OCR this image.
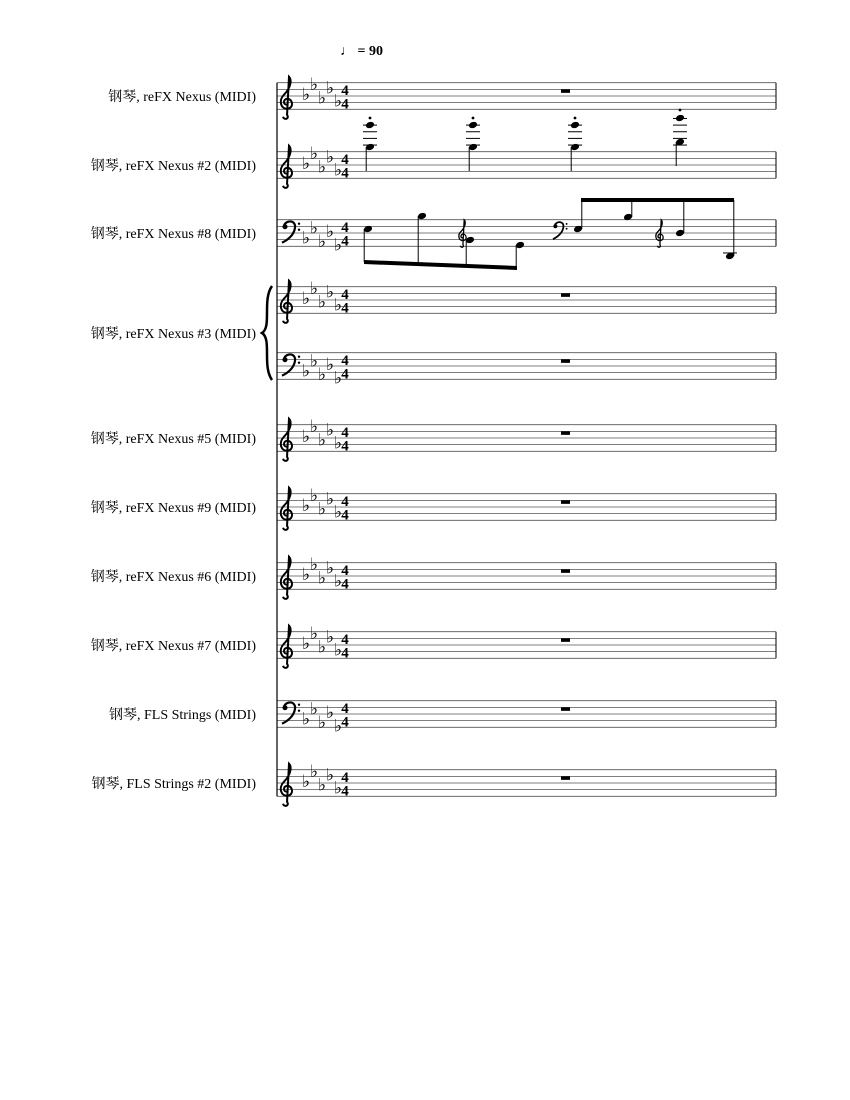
♩ = 90
钢琴, reFX Nexus (MIDI)
钢琴, reFX Nexus #2 (MIDI)
钢琴, reFX Nexus #8 (MIDI)
钢琴, reFX Nexus #3 (MIDI)
钢琴, reFX Nexus #5 (MIDI)
钢琴, reFX Nexus #9 (MIDI)
钢琴, reFX Nexus #6 (MIDI)
钢琴, reFX Nexus #7 (MIDI)
钢琴, FLS Strings (MIDI)
钢琴, FLS Strings #2 (MIDI)
♭ ♭
♭ ♭
♭
4
4
♭ ♭
♭ ♭
♭
4
4
♭ ♭
♭ ♭
♭
4
4
♭ ♭
♭ ♭
♭
4
4
♭ ♭
♭ ♭
♭
4
4
♭ ♭
♭ ♭
♭
4
4
♭ ♭
♭ ♭
♭
4
4
♭ ♭
♭ ♭
♭
4
4
♭ ♭
♭ ♭
♭
4
4
♭ ♭
♭ ♭
♭
4
4
♭ ♭
♭ ♭
♭
4
4
